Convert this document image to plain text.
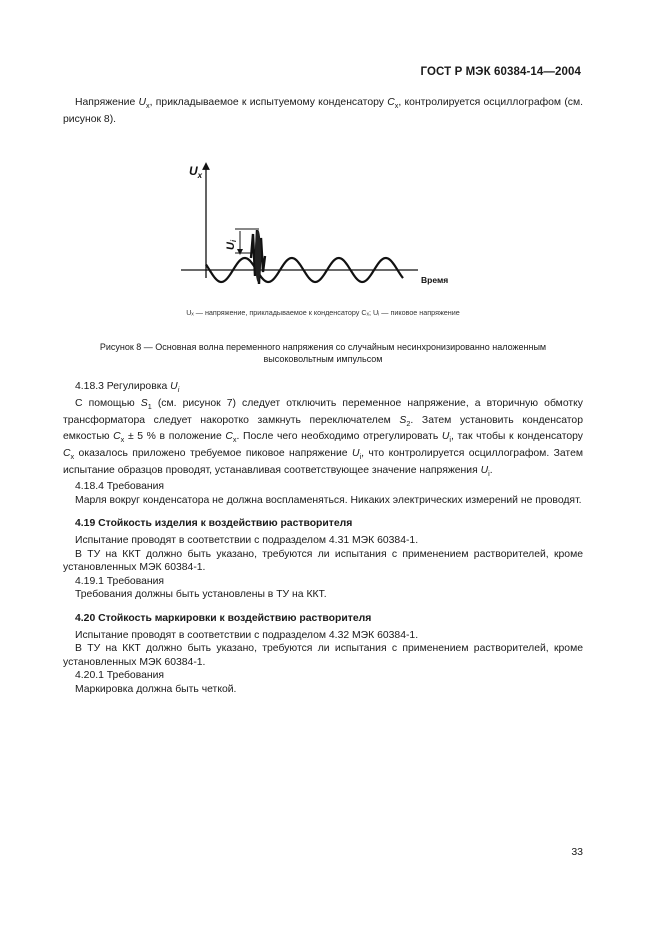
ГОСТ Р МЭК 60384-14—2004
Напряжение $U_x$, прикладываемое к испытуемому конденсатору $C_x$, контролируется осциллографом (см. рисунок 8).
$U_x$
Время
Ui
Uₓ — напряжение, прикладываемое к конденсатору Cₓ; Uᵢ — пиковое напряжение
Рисунок 8 — Основная волна переменного напряжения со случайным несинхронизированно наложенным
высоковольтным импульсом
4.18.3 Регулировка $U_i$
С помощью $S_1$ (см. рисунок 7) следует отключить переменное напряжение, а вторичную обмотку трансформатора следует накоротко замкнуть переключателем $S_2$. Затем установить конденсатор емкостью $C_x \pm 5$ % в положение $C_x$. После чего необходимо отрегулировать $U_i$, так чтобы к конденсатору $C_x$ оказалось приложено требуемое пиковое напряжение $U_i$, что контролируется осциллографом. Затем испытание образцов проводят, устанавливая соответствующее значение напряжения $U_i$.
4.18.4 Требования
Марля вокруг конденсатора не должна воспламеняться. Никаких электрических измерений не проводят.
4.19 Стойкость изделия к воздействию растворителя
Испытание проводят в соответствии с подразделом 4.31 МЭК 60384-1.
В ТУ на ККТ должно быть указано, требуются ли испытания с применением растворителей, кроме установленных МЭК 60384-1.
4.19.1 Требования
Требования должны быть установлены в ТУ на ККТ.
4.20 Стойкость маркировки к воздействию растворителя
Испытание проводят в соответствии с подразделом 4.32 МЭК 60384-1.
В ТУ на ККТ должно быть указано, требуются ли испытания с применением растворителей, кроме установленных МЭК 60384-1.
4.20.1 Требования
Маркировка должна быть четкой.
33
